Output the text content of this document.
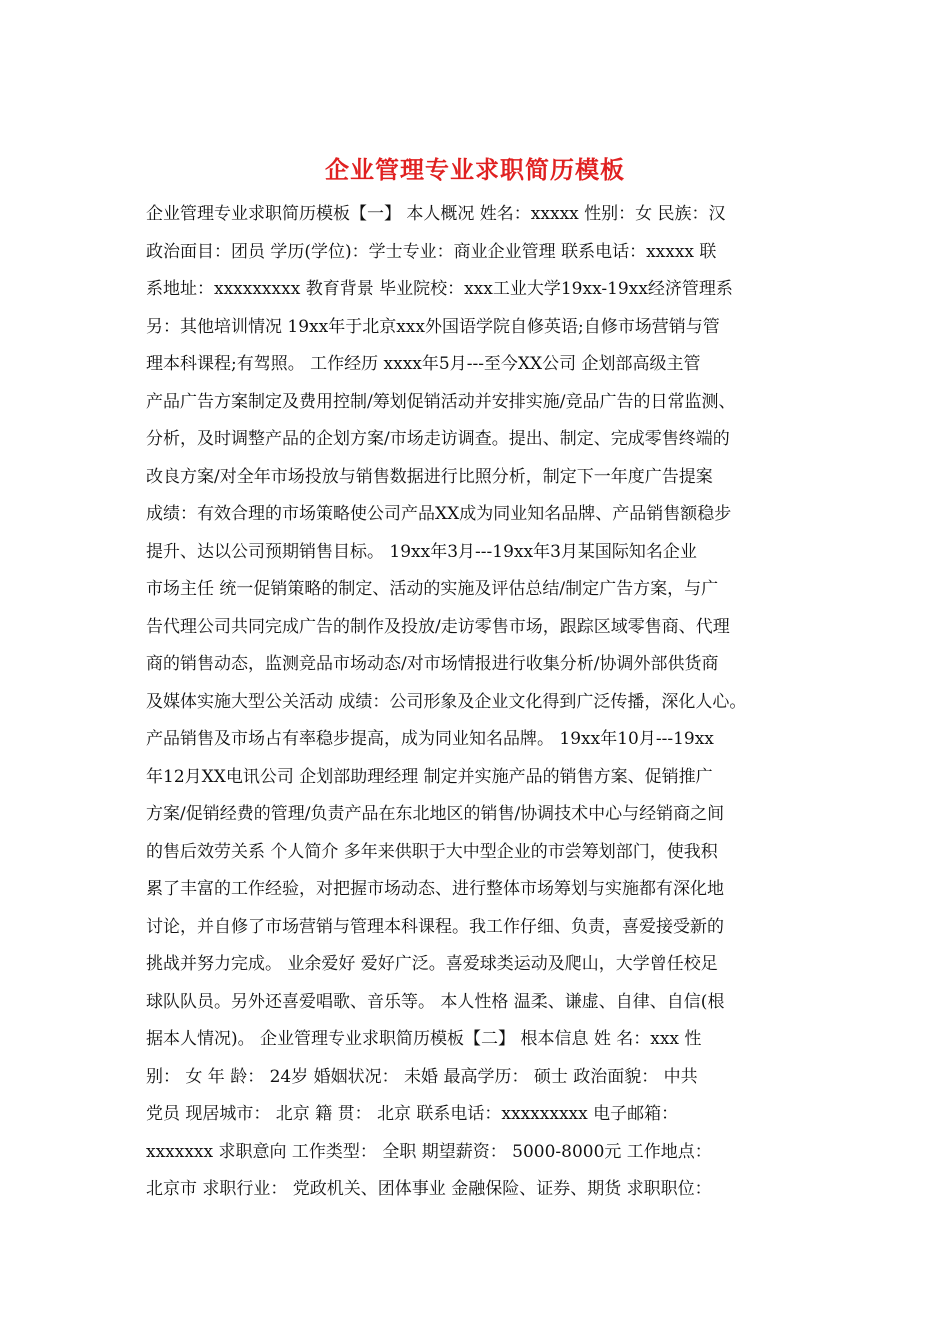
企业管理专业求职简历模板
企业管理专业求职简历模板【一】 本人概况 姓名：xxxxx 性别：女 民族：汉
政治面目：团员 学历(学位)：学士专业：商业企业管理 联系电话：xxxxx 联
系地址：xxxxxxxxx 教育背景 毕业院校：xxx工业大学19xx-19xx经济管理系
另：其他培训情况 19xx年于北京xxx外国语学院自修英语;自修市场营销与管
理本科课程;有驾照。 工作经历 xxxx年5月---至今XX公司 企划部高级主管
产品广告方案制定及费用控制/筹划促销活动并安排实施/竞品广告的日常监测、
分析，及时调整产品的企划方案/市场走访调查。提出、制定、完成零售终端的
改良方案/对全年市场投放与销售数据进行比照分析，制定下一年度广告提案
成绩：有效合理的市场策略使公司产品XX成为同业知名品牌、产品销售额稳步
提升、达以公司预期销售目标。 19xx年3月---19xx年3月某国际知名企业
市场主任 统一促销策略的制定、活动的实施及评估总结/制定广告方案，与广
告代理公司共同完成广告的制作及投放/走访零售市场，跟踪区域零售商、代理
商的销售动态，监测竞品市场动态/对市场情报进行收集分析/协调外部供货商
及媒体实施大型公关活动 成绩：公司形象及企业文化得到广泛传播，深化人心。
产品销售及市场占有率稳步提高，成为同业知名品牌。 19xx年10月---19xx
年12月XX电讯公司 企划部助理经理 制定并实施产品的销售方案、促销推广
方案/促销经费的管理/负责产品在东北地区的销售/协调技术中心与经销商之间
的售后效劳关系 个人简介 多年来供职于大中型企业的市尝筹划部门，使我积
累了丰富的工作经验，对把握市场动态、进行整体市场筹划与实施都有深化地
讨论，并自修了市场营销与管理本科课程。我工作仔细、负责，喜爱接受新的
挑战并努力完成。 业余爱好 爱好广泛。喜爱球类运动及爬山，大学曾任校足
球队队员。另外还喜爱唱歌、音乐等。 本人性格 温柔、谦虚、自律、自信(根
据本人情况)。 企业管理专业求职简历模板【二】 根本信息 姓 名：xxx 性
别： 女 年 龄： 24岁 婚姻状况： 未婚 最高学历： 硕士 政治面貌： 中共
党员 现居城市： 北京 籍 贯： 北京 联系电话：xxxxxxxxx 电子邮箱：
xxxxxxx 求职意向 工作类型： 全职 期望薪资： 5000-8000元 工作地点：
北京市 求职行业： 党政机关、团体事业 金融保险、证券、期货 求职职位：
